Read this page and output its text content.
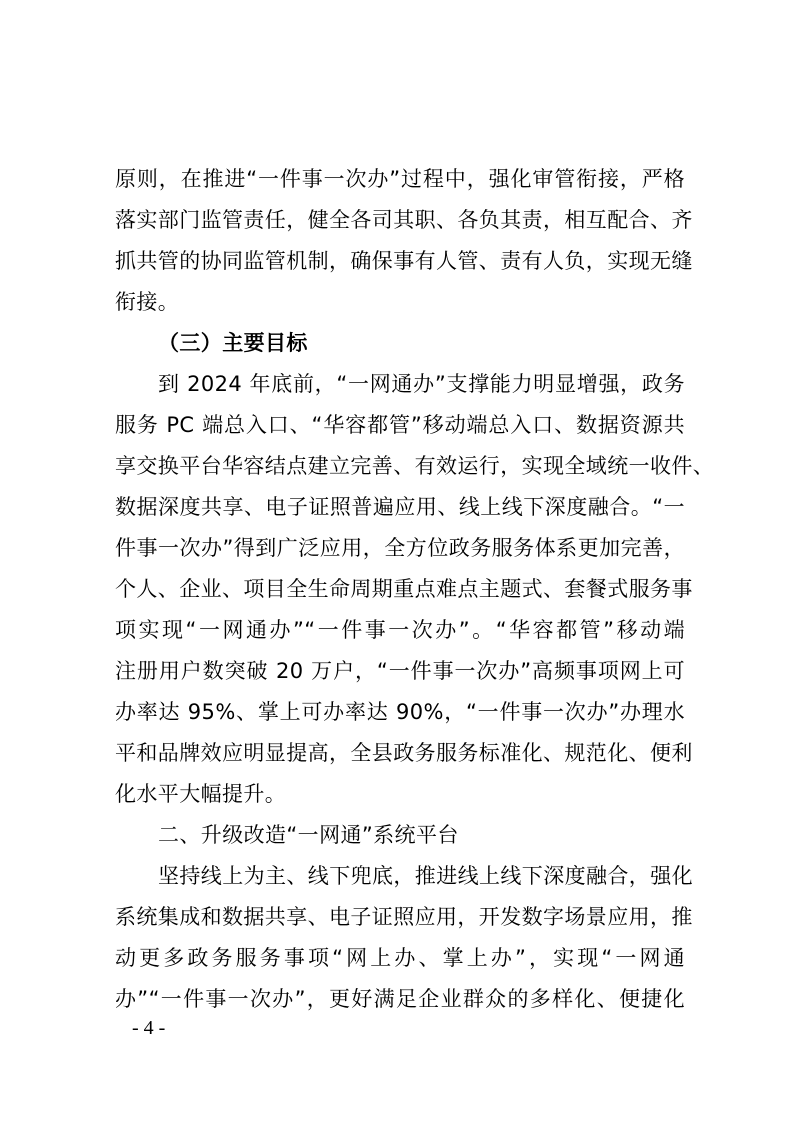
原则，在推进“一件事一次办”过程中，强化审管衔接，严格
落实部门监管责任，健全各司其职、各负其责，相互配合、齐
抓共管的协同监管机制，确保事有人管、责有人负，实现无缝
衔接。
（三）主要目标
到 2024 年底前，“一网通办”支撑能力明显增强，政务
服务 PC 端总入口、“华容都管”移动端总入口、数据资源共
享交换平台华容结点建立完善、有效运行，实现全域统一收件、
数据深度共享、电子证照普遍应用、线上线下深度融合。“一
件事一次办”得到广泛应用，全方位政务服务体系更加完善，
个人、企业、项目全生命周期重点难点主题式、套餐式服务事
项实现“一网通办”“一件事一次办”。“华容都管”移动端
注册用户数突破 20 万户，“一件事一次办”高频事项网上可
办率达 95%、掌上可办率达 90%，“一件事一次办”办理水
平和品牌效应明显提高，全县政务服务标准化、规范化、便利
化水平大幅提升。
二、升级改造“一网通”系统平台
坚持线上为主、线下兜底，推进线上线下深度融合，强化
系统集成和数据共享、电子证照应用，开发数字场景应用，推
动更多政务服务事项“网上办、掌上办”，实现“一网通
办”“一件事一次办”，更好满足企业群众的多样化、便捷化
- 4 -
